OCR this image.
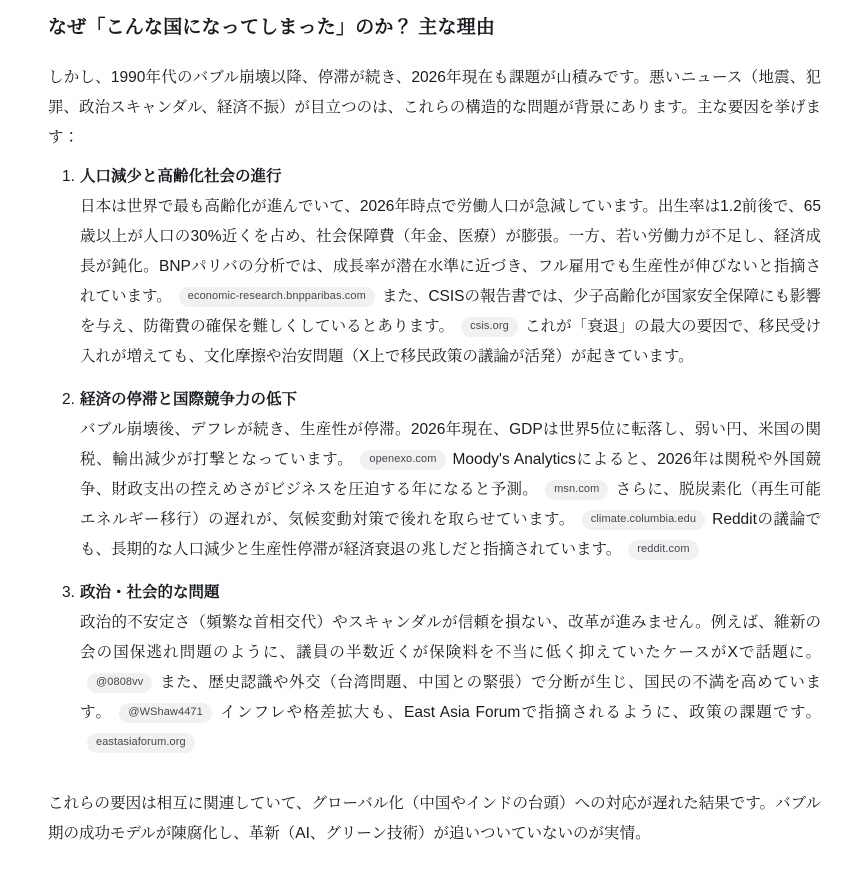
なぜ「こんな国になってしまった」のか？ 主な理由

しかし、1990年代のバブル崩壊以降、停滞が続き、2026年現在も課題が山積みです。悪いニュース（地震、犯罪、政治スキャンダル、経済不振）が目立つのは、これらの構造的な問題が背景にあります。主な要因を挙げます：

1. 人口減少と高齢化社会の進行
日本は世界で最も高齢化が進んでいて、2026年時点で労働人口が急減しています。出生率は1.2前後で、65歳以上が人口の30%近くを占め、社会保障費（年金、医療）が膨張。一方、若い労働力が不足し、経済成長が鈍化。BNPパリバの分析では、成長率が潜在水準に近づき、フル雇用でも生産性が伸びないと指摘されています。 economic-research.bnpparibas.com また、CSISの報告書では、少子高齢化が国家安全保障にも影響を与え、防衛費の確保を難しくしているとあります。 csis.org これが「衰退」の最大の要因で、移民受け入れが増えても、文化摩擦や治安問題（X上で移民政策の議論が活発）が起きています。
2. 経済の停滞と国際競争力の低下
バブル崩壊後、デフレが続き、生産性が停滞。2026年現在、GDPは世界5位に転落し、弱い円、米国の関税、輸出減少が打撃となっています。 openexo.com Moody's Analyticsによると、2026年は関税や外国競争、財政支出の控えめさがビジネスを圧迫する年になると予測。 msn.com さらに、脱炭素化（再生可能エネルギー移行）の遅れが、気候変動対策で後れを取らせています。 climate.columbia.edu Redditの議論でも、長期的な人口減少と生産性停滞が経済衰退の兆しだと指摘されています。 reddit.com
3. 政治・社会的な問題
政治的不安定さ（頻繁な首相交代）やスキャンダルが信頼を損ない、改革が進みません。例えば、維新の会の国保逃れ問題のように、議員の半数近くが保険料を不当に低く抑えていたケースがXで話題に。@0808vv また、歴史認識や外交（台湾問題、中国との緊張）で分断が生じ、国民の不満を高めています。 @WShaw4471 インフレや格差拡大も、East Asia Forumで指摘されるように、政策の課題です。eastasiaforum.org

これらの要因は相互に関連していて、グローバル化（中国やインドの台頭）への対応が遅れた結果です。バブル期の成功モデルが陳腐化し、革新（AI、グリーン技術）が追いついていないのが実情。
